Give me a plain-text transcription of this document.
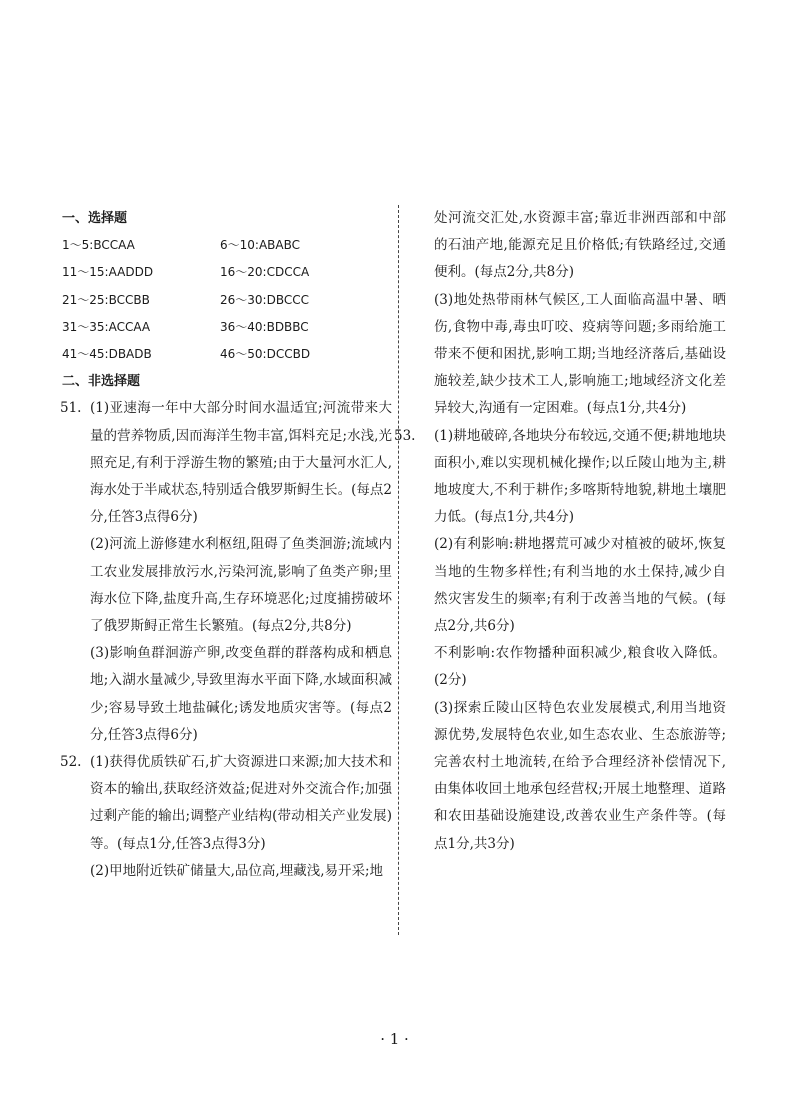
一、选择题
1～5:BCCAA	6～10:ABABC
11～15:AADDD	16～20:CDCCA
21～25:BCCBB	26～30:DBCCC
31～35:ACCAA	36～40:BDBBC
41～45:DBADB	46～50:DCCBD
二、非选择题
51. (1)亚速海一年中大部分时间水温适宜;河流带来大量的营养物质,因而海洋生物丰富,饵料充足;水浅,光照充足,有利于浮游生物的繁殖;由于大量河水汇人,海水处于半咸状态,特别适合俄罗斯鲟生长。(每点2分,任答3点得6分)
(2)河流上游修建水利枢纽,阻碍了鱼类洄游;流域内工农业发展排放污水,污染河流,影响了鱼类产卵;里海水位下降,盐度升高,生存环境恶化;过度捕捞破坏了俄罗斯鲟正常生长繁殖。(每点2分,共8分)
(3)影响鱼群洄游产卵,改变鱼群的群落构成和栖息地;入湖水量减少,导致里海水平面下降,水域面积减少;容易导致土地盐碱化;诱发地质灾害等。(每点2分,任答3点得6分)
52. (1)获得优质铁矿石,扩大资源进口来源;加大技术和资本的输出,获取经济效益;促进对外交流合作;加强过剩产能的输出;调整产业结构(带动相关产业发展)等。(每点1分,任答3点得3分)
(2)甲地附近铁矿储量大,品位高,埋藏浅,易开采;地
处河流交汇处,水资源丰富;靠近非洲西部和中部的石油产地,能源充足且价格低;有铁路经过,交通便利。(每点2分,共8分)
(3)地处热带雨林气候区,工人面临高温中暑、晒伤,食物中毒,毒虫叮咬、疫病等问题;多雨给施工带来不便和困扰,影响工期;当地经济落后,基础设施较差,缺少技术工人,影响施工;地域经济文化差异较大,沟通有一定困难。(每点1分,共4分)
53. (1)耕地破碎,各地块分布较远,交通不便;耕地地块面积小,难以实现机械化操作;以丘陵山地为主,耕地坡度大,不利于耕作;多喀斯特地貌,耕地土壤肥力低。(每点1分,共4分)
(2)有利影响:耕地撂荒可减少对植被的破坏,恢复当地的生物多样性;有利当地的水土保持,减少自然灾害发生的频率;有利于改善当地的气候。(每点2分,共6分)
不利影响:农作物播种面积减少,粮食收入降低。(2分)
(3)探索丘陵山区特色农业发展模式,利用当地资源优势,发展特色农业,如生态农业、生态旅游等;完善农村土地流转,在给予合理经济补偿情况下,由集体收回土地承包经营权;开展土地整理、道路和农田基础设施建设,改善农业生产条件等。(每点1分,共3分)
· 1 ·
